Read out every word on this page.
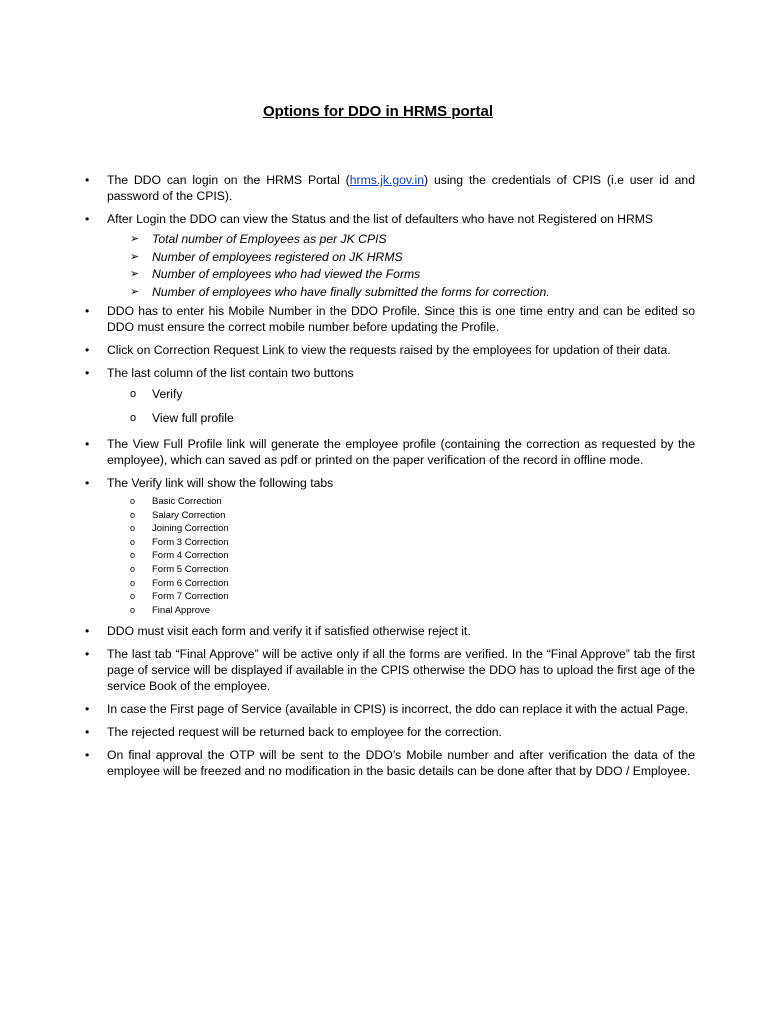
Options for DDO in HRMS portal
•	The DDO can login on the HRMS Portal (hrms.jk.gov.in) using the credentials of CPIS (i.e user id and password of the CPIS).
•	After Login the DDO can view the Status and the list of defaulters who have not Registered on HRMS
➢ Total number of Employees as per JK CPIS
➢ Number of employees registered on JK HRMS
➢ Number of employees who had viewed the Forms
➢ Number of employees who have finally submitted the forms for correction.
•	DDO has to enter his Mobile Number in the DDO Profile. Since this is one time entry and can be edited so DDO must ensure the correct mobile number before updating the Profile.
•	Click on Correction Request Link to view the requests raised by the employees for updation of their data.
•	The last column of the list contain two buttons
o Verify
o View full profile
•	The View Full Profile link will generate the employee profile (containing the correction as requested by the employee), which can saved as pdf or printed on the paper verification of the record in offline mode.
•	The Verify link will show the following tabs
o Basic Correction
o Salary Correction
o Joining Correction
o Form 3 Correction
o Form 4 Correction
o Form 5 Correction
o Form 6 Correction
o Form 7 Correction
o Final Approve
•	DDO must visit each form and verify it if satisfied otherwise reject it.
•	The last tab “Final Approve” will be active only if all the forms are verified. In the “Final Approve” tab the first page of service will be displayed if available in the CPIS otherwise the DDO has to upload the first age of the service Book of the employee.
•	In case the First page of Service (available in CPIS) is incorrect, the ddo can replace it with the actual Page.
•	The rejected request will be returned back to employee for the correction.
•	On final approval the OTP will be sent to the DDO’s Mobile number and after verification the data of the employee will be freezed and no modification in the basic details can be done after that by DDO / Employee.
